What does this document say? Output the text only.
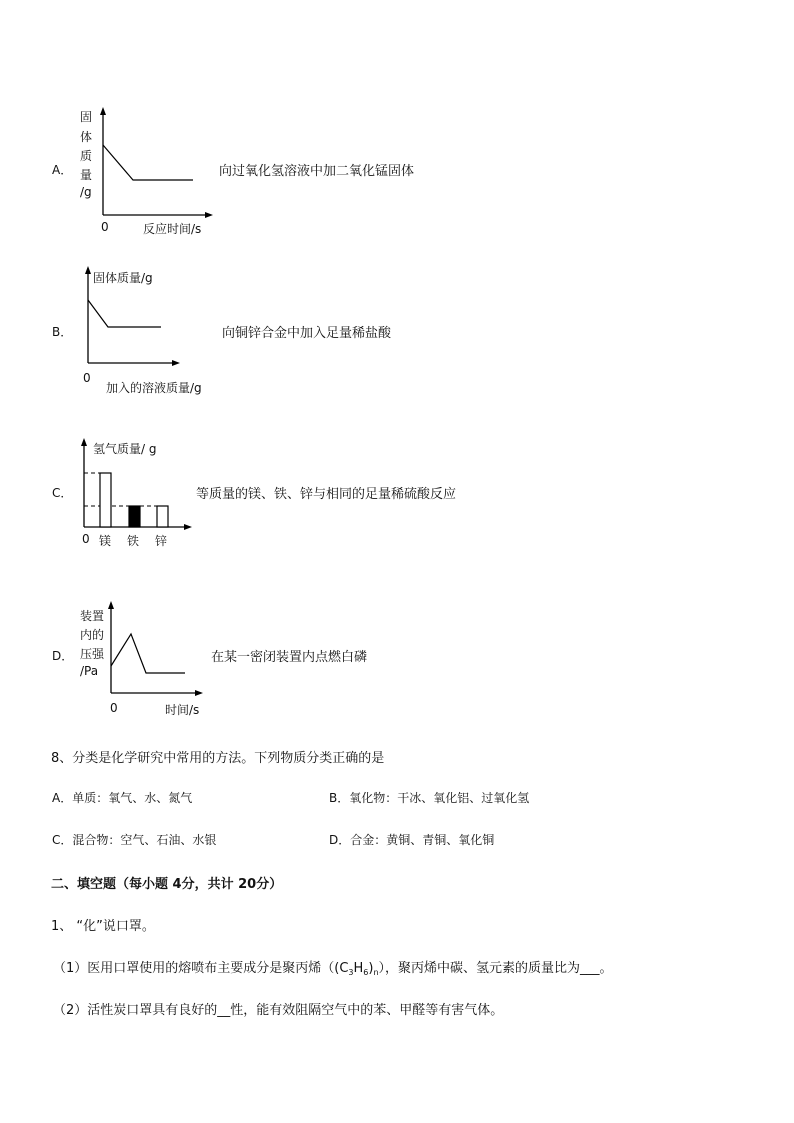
A．
固
体
质
量
/g
0	反应时间/s
向过氧化氢溶液中加二氧化锰固体
B．
固体质量/g
0
加入的溶液质量/g
向铜锌合金中加入足量稀盐酸
C．
氢气质量/ g
0 镁 铁 锌
等质量的镁、铁、锌与相同的足量稀硫酸反应
D．
装置
内的
压强
/Pa
0	时间/s
在某一密闭装置内点燃白磷
8、分类是化学研究中常用的方法。下列物质分类正确的是
A．单质：氧气、水、氮气	B．氧化物：干冰、氧化铝、过氧化氢
C．混合物：空气、石油、水银	D．合金：黄铜、青铜、氧化铜
二、填空题（每小题 4分，共计 20分）
1、 “化”说口罩。
（1）医用口罩使用的熔喷布主要成分是聚丙烯$((C_3H_6)_n)$，聚丙烯中碳、氢元素的质量比为___。
（2）活性炭口罩具有良好的__性，能有效阻隔空气中的苯、甲醛等有害气体。
